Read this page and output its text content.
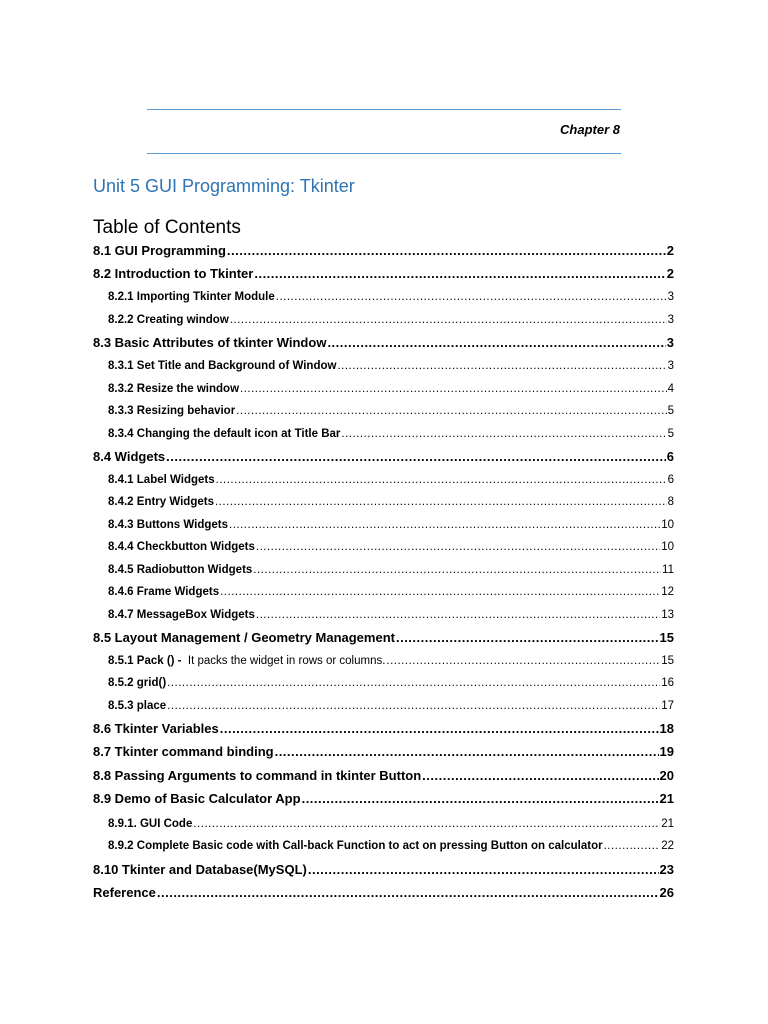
Chapter 8
Unit 5 GUI Programming: Tkinter
Table of Contents
8.1 GUI Programming .....	2
8.2 Introduction to Tkinter .....	2
8.2.1 Importing Tkinter Module .....	3
8.2.2 Creating window .....	3
8.3 Basic Attributes of tkinter Window .....	3
8.3.1 Set Title and Background of Window .....	3
8.3.2 Resize the window .....	4
8.3.3 Resizing behavior .....	5
8.3.4 Changing the default icon at Title Bar .....	5
8.4 Widgets .....	6
8.4.1 Label Widgets .....	6
8.4.2 Entry Widgets .....	8
8.4.3 Buttons Widgets .....	10
8.4.4 Checkbutton Widgets .....	10
8.4.5 Radiobutton Widgets .....	11
8.4.6 Frame Widgets .....	12
8.4.7 MessageBox Widgets .....	13
8.5 Layout Management / Geometry Management .....	15
8.5.1 Pack () - It packs the widget in rows or columns. .....	15
8.5.2 grid() .....	16
8.5.3 place .....	17
8.6 Tkinter Variables .....	18
8.7 Tkinter command binding .....	19
8.8 Passing Arguments to command in tkinter Button .....	20
8.9 Demo of Basic Calculator App .....	21
8.9.1. GUI Code .....	21
8.9.2 Complete Basic code with Call-back Function to act on pressing Button on calculator .....	22
8.10 Tkinter and Database(MySQL) .....	23
Reference .....	26
